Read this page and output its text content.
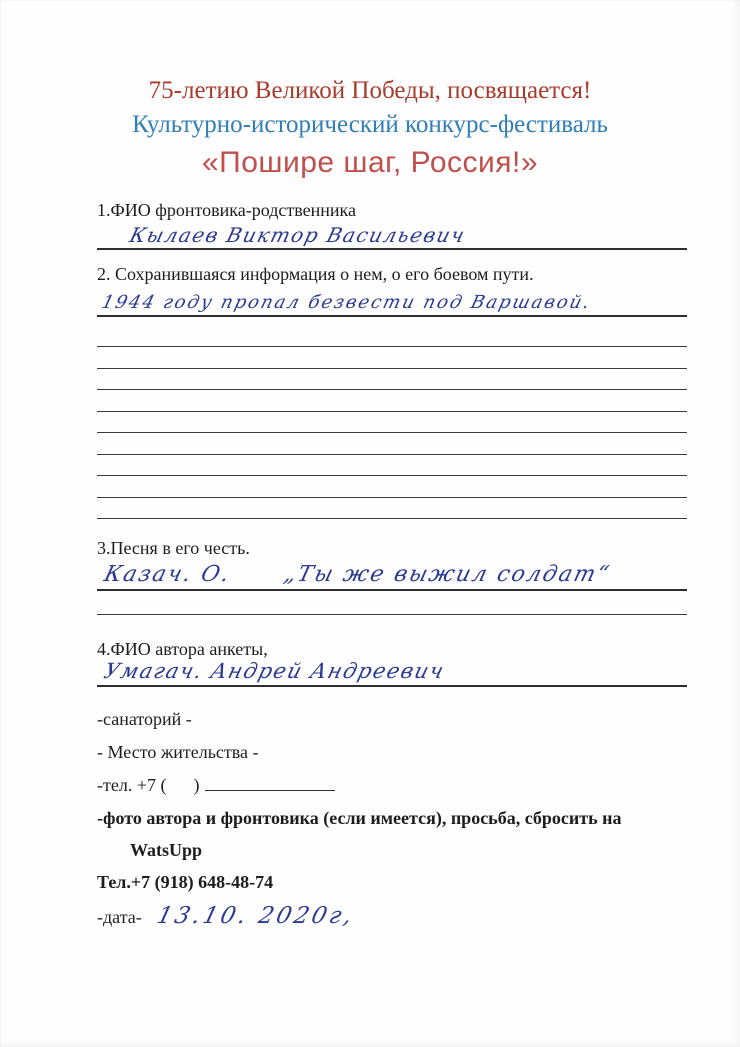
75-летию Великой Победы, посвящается!
Культурно-исторический конкурс-фестиваль
«Пошире шаг, Россия!»
1.ФИО фронтовика-родственника
Кылаев Виктор Васильевич
2. Сохранившаяся информация о нем, о его боевом пути.
1944 году пропал безвести под Варшавой.
3.Песня в его честь.
Казач. О.      „Ты же выжил солдат“
4.ФИО автора анкеты,
Умагач. Андрей Андреевич
-санаторий -
- Место жительства -
-тел. +7 (      )
-фото автора и фронтовика (если имеется), просьба, сбросить на
WatsUpp
Тел.+7 (918) 648-48-74
-дата- 13.10. 2020г,
